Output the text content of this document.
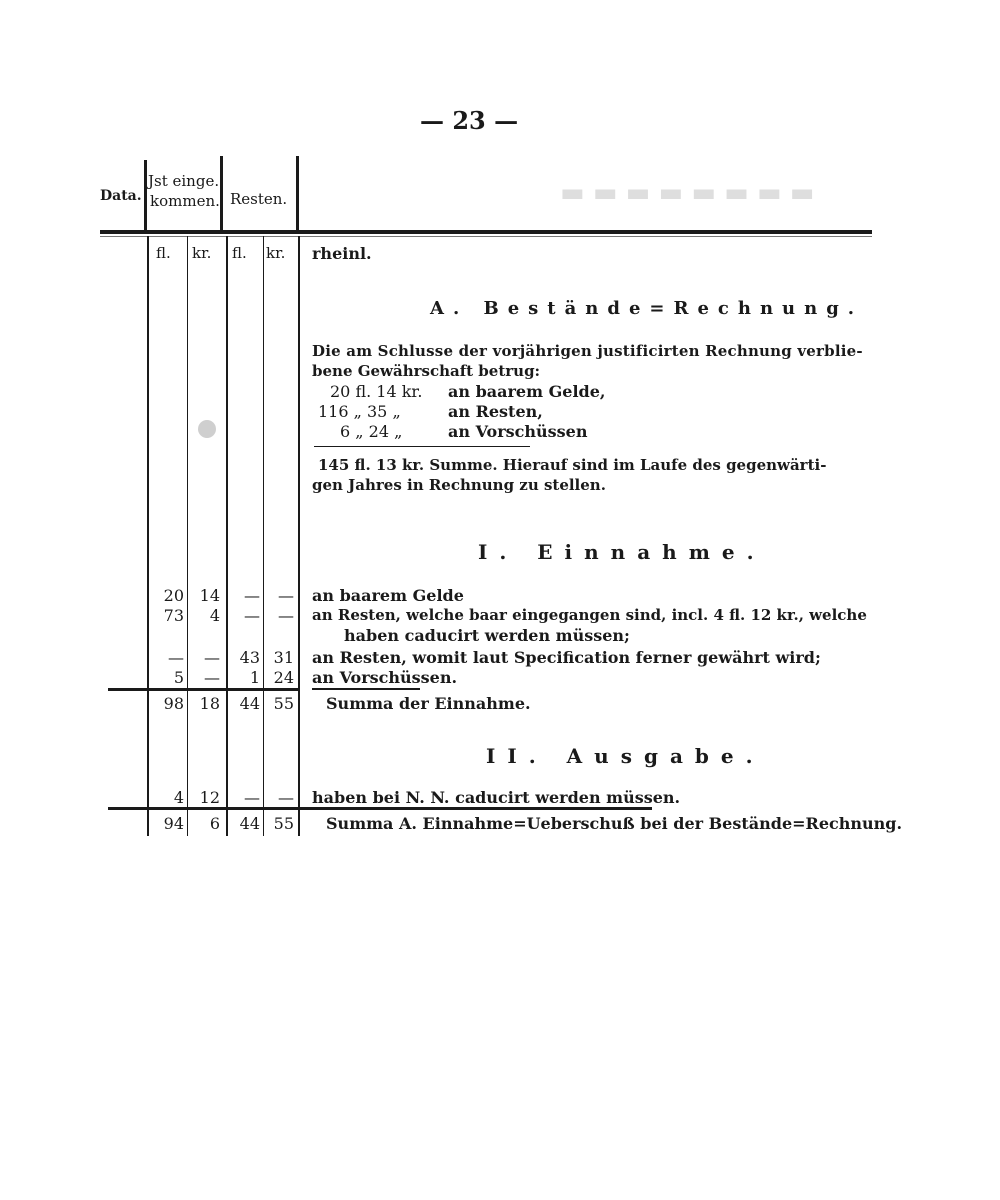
— 23 —
▬ ▬ ▬ ▬ ▬ ▬ ▬ ▬
Data.
Jst einge.
kommen. Resten.
fl. kr. fl. kr. rheinl.
A. Bestände=Rechnung.
Die am Schlusse der vorjährigen justificirten Rechnung verblie-
bene Gewährschaft betrug:
20 fl. 14 kr. an baarem Gelde,
116 „ 35 „	an Resten,
6 „ 24 „	an Vorschüssen
145 fl. 13 kr. Summe. Hierauf sind im Laufe des gegenwärti-
gen Jahres in Rechnung zu stellen.
I. Einnahme.
20 14	—	— an baarem Gelde
73	4	—	— an Resten, welche baar eingegangen sind, incl. 4 fl. 12 kr., welche
haben caducirt werden müssen;
—	—	43 31 an Resten, womit laut Specification ferner gewährt wird;
5	—	1 24 an Vorschüssen.
98 18	44 55 Summa der Einnahme.
II. Ausgabe.
4 12	—	— haben bei N. N. caducirt werden müssen.
94	6	44 55 Summa A. Einnahme=Ueberschuß bei der Bestände=Rechnung.
